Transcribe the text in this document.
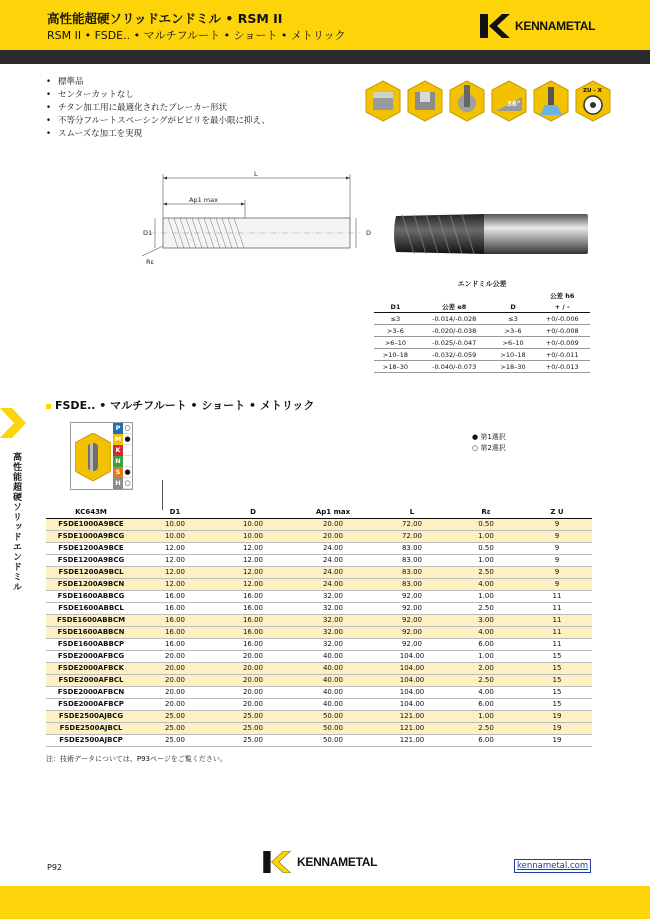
高性能超硬ソリッドエンドミル • RSM II
RSM II • FSDE.. • マルチフルート • ショート • メトリック
KENNAMETAL
• 標準品
• センターカットなし
• チタン加工用に最適化されたブレーカー形状
• 不等分フルートスペーシングがビビリを最小限に抑え、
• スムーズな加工を実現
36°
ZU - X
L
Ap1 max
D1	D
Rε
エンドミル公差
			公差 h6
D1	公差 e8	D	+ / -
≤3	-0.014/-0.028	≤3	+0/-0.006
>3–6	-0.020/-0.038	>3–6	+0/-0.008
>6–10	-0.025/-0.047	>6–10	+0/-0.009
>10–18	-0.032/-0.059	>10–18	+0/-0.011
>18–30	-0.040/-0.073	>18–30	+0/-0.013
高性能超硬ソリッドエンドミル
FSDE.. • マルチフルート • ショート • メトリック
P ○
M ●
K
N
S ●
H ○
● 第1選択
○ 第2選択
KC643M	D1	D	Ap1 max	L	Rε	Z U
FSDE1000A9BCE	10.00	10.00	20.00	72.00	0.50	9
FSDE1000A9BCG	10.00	10.00	20.00	72.00	1.00	9
FSDE1200A9BCE	12.00	12.00	24.00	83.00	0.50	9
FSDE1200A9BCG	12.00	12.00	24.00	83.00	1.00	9
FSDE1200A9BCL	12.00	12.00	24.00	83.00	2.50	9
FSDE1200A9BCN	12.00	12.00	24.00	83.00	4.00	9
FSDE1600ABBCG	16.00	16.00	32.00	92.00	1.00	11
FSDE1600ABBCL	16.00	16.00	32.00	92.00	2.50	11
FSDE1600ABBCM	16.00	16.00	32.00	92.00	3.00	11
FSDE1600ABBCN	16.00	16.00	32.00	92.00	4.00	11
FSDE1600ABBCP	16.00	16.00	32.00	92.00	6.00	11
FSDE2000AFBCG	20.00	20.00	40.00	104.00	1.00	15
FSDE2000AFBCK	20.00	20.00	40.00	104.00	2.00	15
FSDE2000AFBCL	20.00	20.00	40.00	104.00	2.50	15
FSDE2000AFBCN	20.00	20.00	40.00	104.00	4.00	15
FSDE2000AFBCP	20.00	20.00	40.00	104.00	6.00	15
FSDE2500AJBCG	25.00	25.00	50.00	121.00	1.00	19
FSDE2500AJBCL	25.00	25.00	50.00	121.00	2.50	19
FSDE2500AJBCP	25.00	25.00	50.00	121.00	6.00	19
注：技術データについては、P93ページをご覧ください。
P92	KENNAMETAL	kennametal.com
